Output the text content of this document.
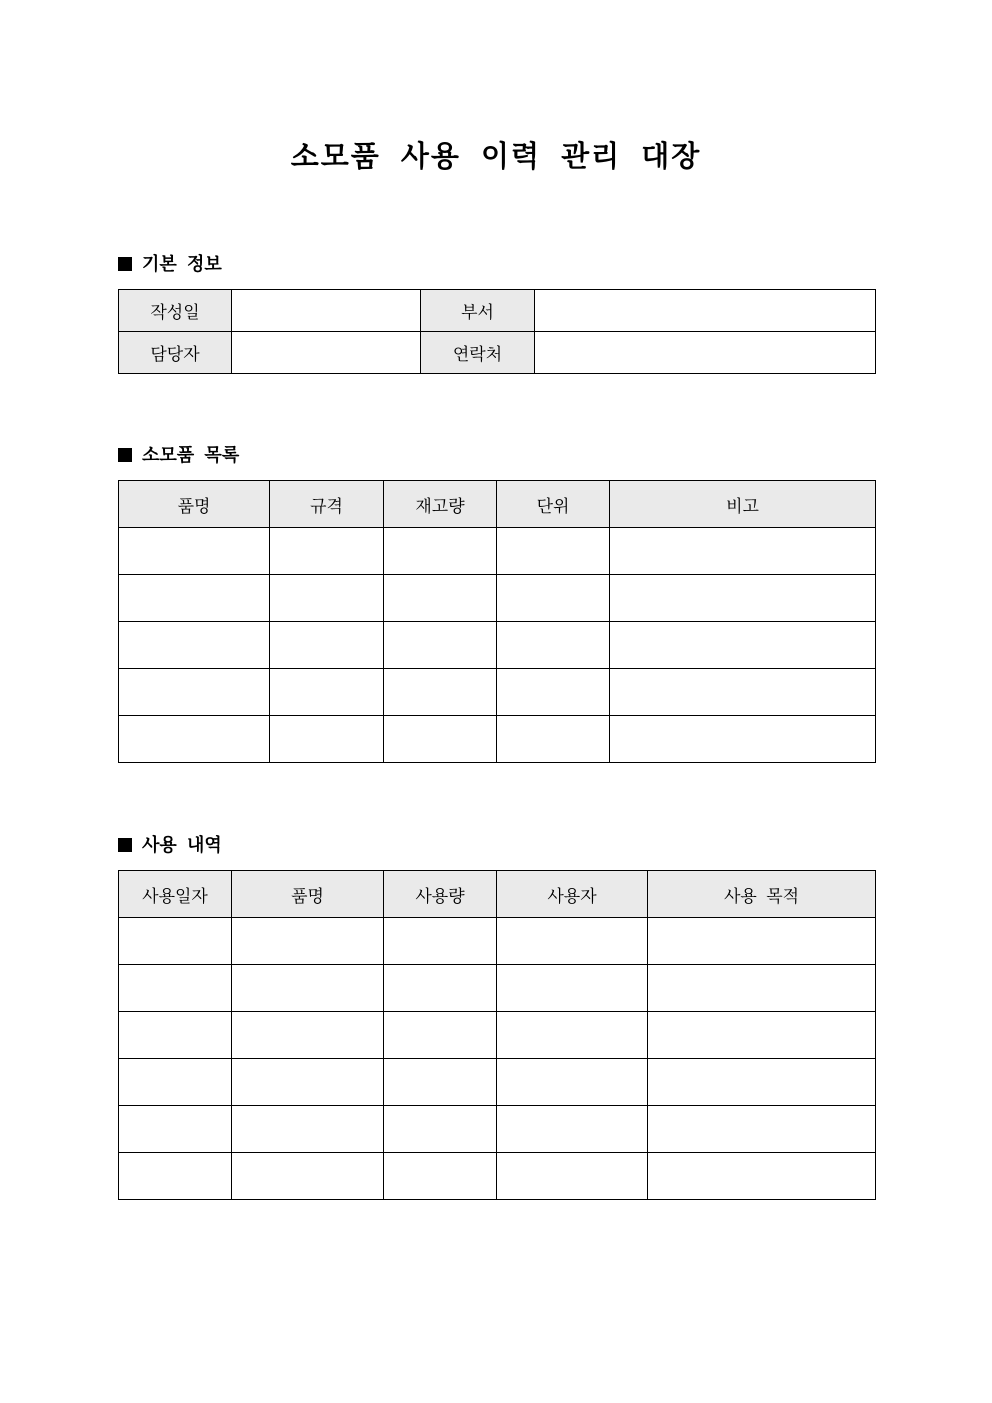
소모품 사용 이력 관리 대장
기본 정보
작성일		부서	
담당자		연락처	
소모품 목록
품명	규격	재고량	단위	비고

사용 내역
사용일자	품명	사용량	사용자	사용 목적
